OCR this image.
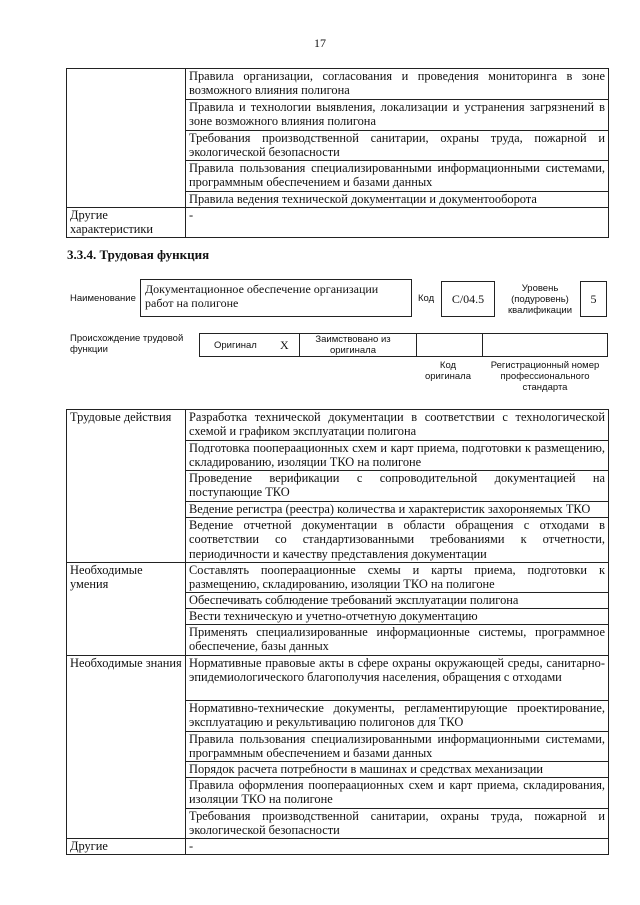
17
	Правила организации, согласования и проведения мониторинга в зоне возможного влияния полигона
	Правила и технологии выявления, локализации и устранения загрязнений в зоне возможного влияния полигона
	Требования производственной санитарии, охраны труда, пожарной и экологической безопасности
	Правила пользования специализированными информационными системами, программным обеспечением и базами данных
	Правила ведения технической документации и документооборота
Другие характеристики	-
3.3.4. Трудовая функция
Наименование
Документационное обеспечение организации работ на полигоне	Код	С/04.5
Уровень (подуровень) квалификации
5
Происхождение трудовой функции	Оригинал X	Заимствовано из оригинала
Код оригинала
Регистрационный номер профессионального стандарта
Трудовые действия	Разработка технической документации в соответствии с технологической схемой и графиком эксплуатации полигона
	Подготовка поопераационных схем и карт приема, подготовки к размещению, складированию, изоляции ТКО на полигоне
	Проведение верификации с сопроводительной документацией на поступающие ТКО
	Ведение регистра (реестра) количества и характеристик захороняемых ТКО
	Ведение отчетной документации в области обращения с отходами в соответствии со стандартизованными требованиями к отчетности, периодичности и качеству представления документации
Необходимые умения	Составлять поопераационные схемы и карты приема, подготовки к размещению, складированию, изоляции ТКО на полигоне
	Обеспечивать соблюдение требований эксплуатации полигона
	Вести техническую и учетно-отчетную документацию
	Применять специализированные информационные системы, программное обеспечение, базы данных
Необходимые знания	Нормативные правовые акты в сфере охраны окружающей среды, санитарно-эпидемиологического благополучия населения, обращения с отходами
	Нормативно-технические документы, регламентирующие проектирование, эксплуатацию и рекультивацию полигонов для ТКО
	Правила пользования специализированными информационными системами, программным обеспечением и базами данных
	Порядок расчета потребности в машинах и средствах механизации
	Правила оформления поопераационных схем и карт приема, складирования, изоляции ТКО на полигоне
	Требования производственной санитарии, охраны труда, пожарной и экологической безопасности
Другие	-
